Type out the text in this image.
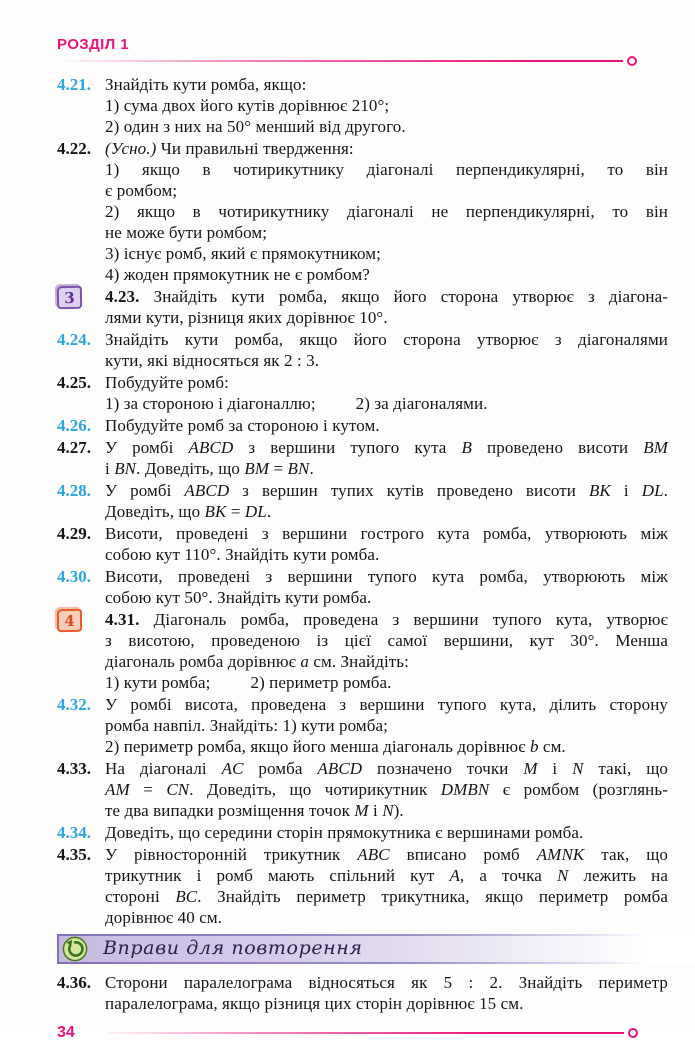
РОЗДІЛ 1
4.21. Знайдіть кути ромба, якщо:
1) сума двох його кутів дорівнює 210°;
2) один з них на 50° менший від другого.
4.22. (Усно.) Чи правильні твердження:
1) якщо в чотирикутнику діагоналі перпендикулярні, то він
є ромбом;
2) якщо в чотирикутнику діагоналі не перпендикулярні, то він
не може бути ромбом;
3) існує ромб, який є прямокутником;
4) жоден прямокутник не є ромбом?
3	4.23. Знайдіть кути ромба, якщо його сторона утворює з діагона-
лями кути, різниця яких дорівнює 10°.
4.24. Знайдіть кути ромба, якщо його сторона утворює з діагоналями
кути, які відносяться як 2 : 3.
4.25. Побудуйте ромб:
1) за стороною і діагоналлю; 2) за діагоналями.
4.26. Побудуйте ромб за стороною і кутом.
4.27. У ромбі ABCD з вершини тупого кута B проведено висоти BM
і BN. Доведіть, що BM = BN.
4.28. У ромбі ABCD з вершин тупих кутів проведено висоти BK і DL.
Доведіть, що BK = DL.
4.29. Висоти, проведені з вершини гострого кута ромба, утворюють між
собою кут 110°. Знайдіть кути ромба.
4.30. Висоти, проведені з вершини тупого кута ромба, утворюють між
собою кут 50°. Знайдіть кути ромба.
4	4.31. Діагональ ромба, проведена з вершини тупого кута, утворює
з висотою, проведеною із цієї самої вершини, кут 30°. Менша
діагональ ромба дорівнює a см. Знайдіть:
1) кути ромба; 2) периметр ромба.
4.32. У ромбі висота, проведена з вершини тупого кута, ділить сторону
ромба навпіл. Знайдіть: 1) кути ромба;
2) периметр ромба, якщо його менша діагональ дорівнює b см.
4.33. На діагоналі AC ромба ABCD позначено точки M і N такі, що
AM = CN. Доведіть, що чотирикутник DMBN є ромбом (розглянь-
те два випадки розміщення точок M і N).
4.34. Доведіть, що середини сторін прямокутника є вершинами ромба.
4.35. У рівносторонній трикутник ABC вписано ромб AMNK так, що
трикутник і ромб мають спільний кут A, а точка N лежить на
стороні BC. Знайдіть периметр трикутника, якщо периметр ромба
дорівнює 40 см.
Вправи для повторення
4.36. Сторони паралелограма відносяться як 5 : 2. Знайдіть периметр
паралелограма, якщо різниця цих сторін дорівнює 15 см.
34
